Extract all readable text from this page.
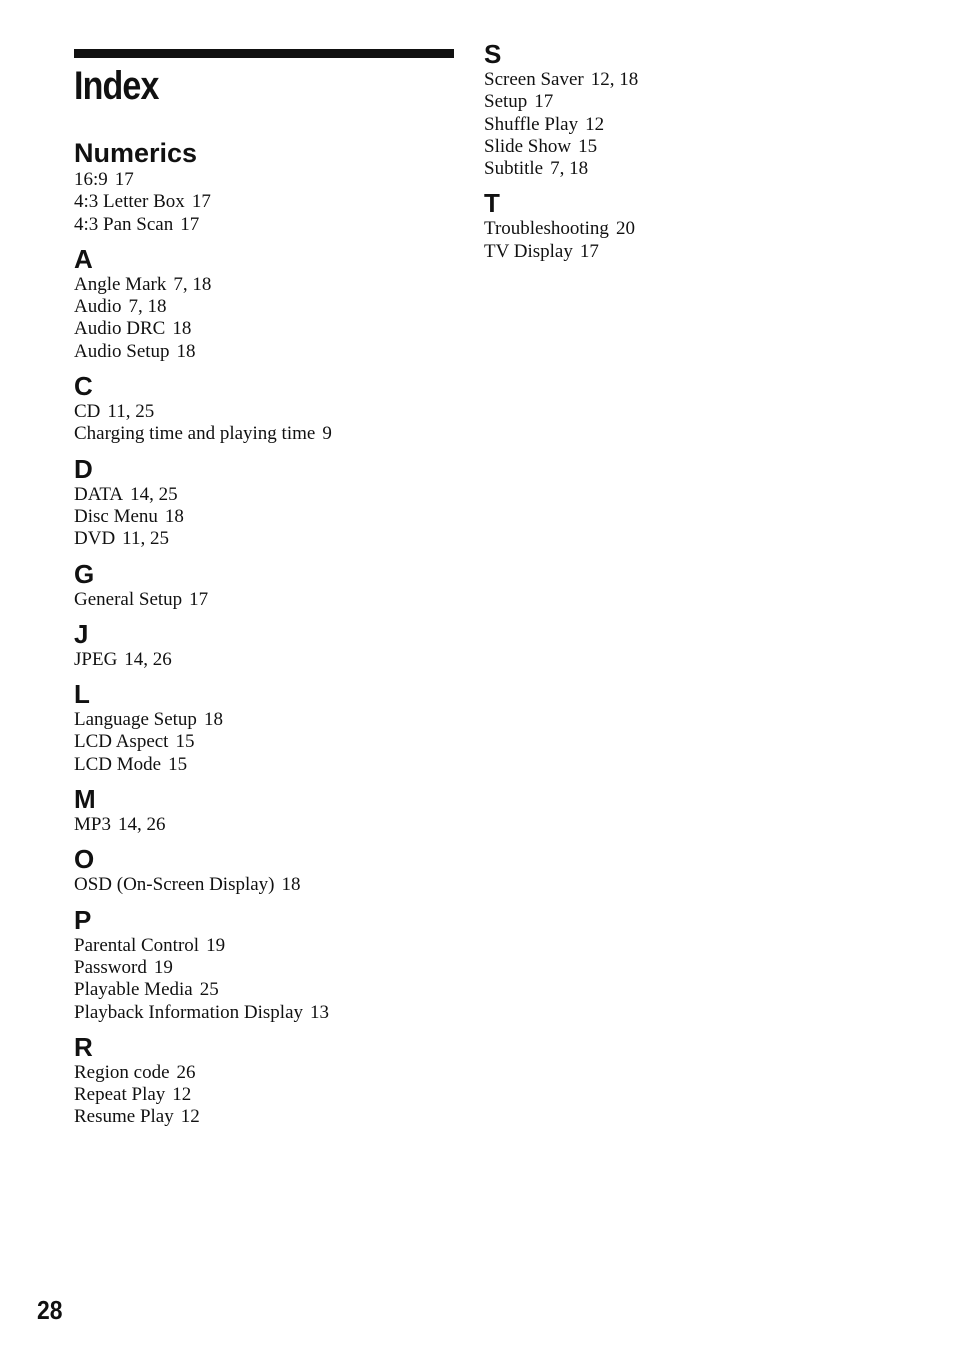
Index
Numerics
16:9 17
4:3 Letter Box 17
4:3 Pan Scan 17
A
Angle Mark 7, 18
Audio 7, 18
Audio DRC 18
Audio Setup 18
C
CD 11, 25
Charging time and playing time 9
D
DATA 14, 25
Disc Menu 18
DVD 11, 25
G
General Setup 17
J
JPEG 14, 26
L
Language Setup 18
LCD Aspect 15
LCD Mode 15
M
MP3 14, 26
O
OSD (On-Screen Display) 18
P
Parental Control 19
Password 19
Playable Media 25
Playback Information Display 13
R
Region code 26
Repeat Play 12
Resume Play 12
S
Screen Saver 12, 18
Setup 17
Shuffle Play 12
Slide Show 15
Subtitle 7, 18
T
Troubleshooting 20
TV Display 17
28
